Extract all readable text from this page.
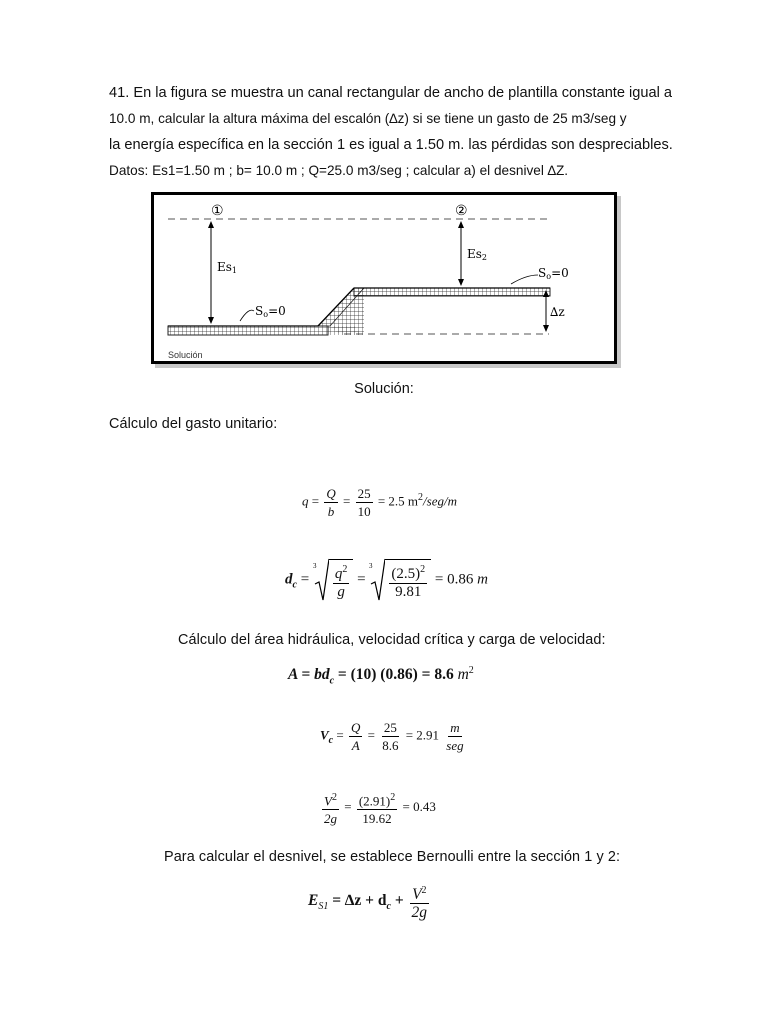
41. En la figura se muestra un canal rectangular de ancho de plantilla constante igual a
10.0 m, calcular la altura máxima del escalón (∆z) si se tiene un gasto de 25 m3/seg y
la energía específica en la sección 1 es igual a 1.50 m. las pérdidas son despreciables.
Datos: Es1=1.50 m ; b= 10.0 m ; Q=25.0 m3/seg ; calcular a) el desnivel ∆Z.
①	②
Es1
Es2
So=0
So=0
∆z
Solución
Solución:
Cálculo del gasto unitario:
$q = \frac{Q}{b} = \frac{25}{10} = 2.5$ $m^2/seg/m$
$d_c$ =
$3 \frac{q^2}{g}$ =
$3 \frac{(2.5)^2}{9.81} = 0.86$ m
Cálculo del área hidráulica, velocidad crítica y carga de velocidad:
$A = bd_c = (10) (0.86) = 8.6$ $m^2$
$V_c = \frac{Q}{A} = \frac{25}{8.6} = 2.91 \frac{m}{\text{seg}}$
$\frac{V^2}{2g} = \frac{(2.91)^2}{19.62} = 0.43$
Para calcular el desnivel, se establece Bernoulli entre la sección 1 y 2:
$E_{S1} = \Delta z + d_c + \frac{V^2}{2g}$
